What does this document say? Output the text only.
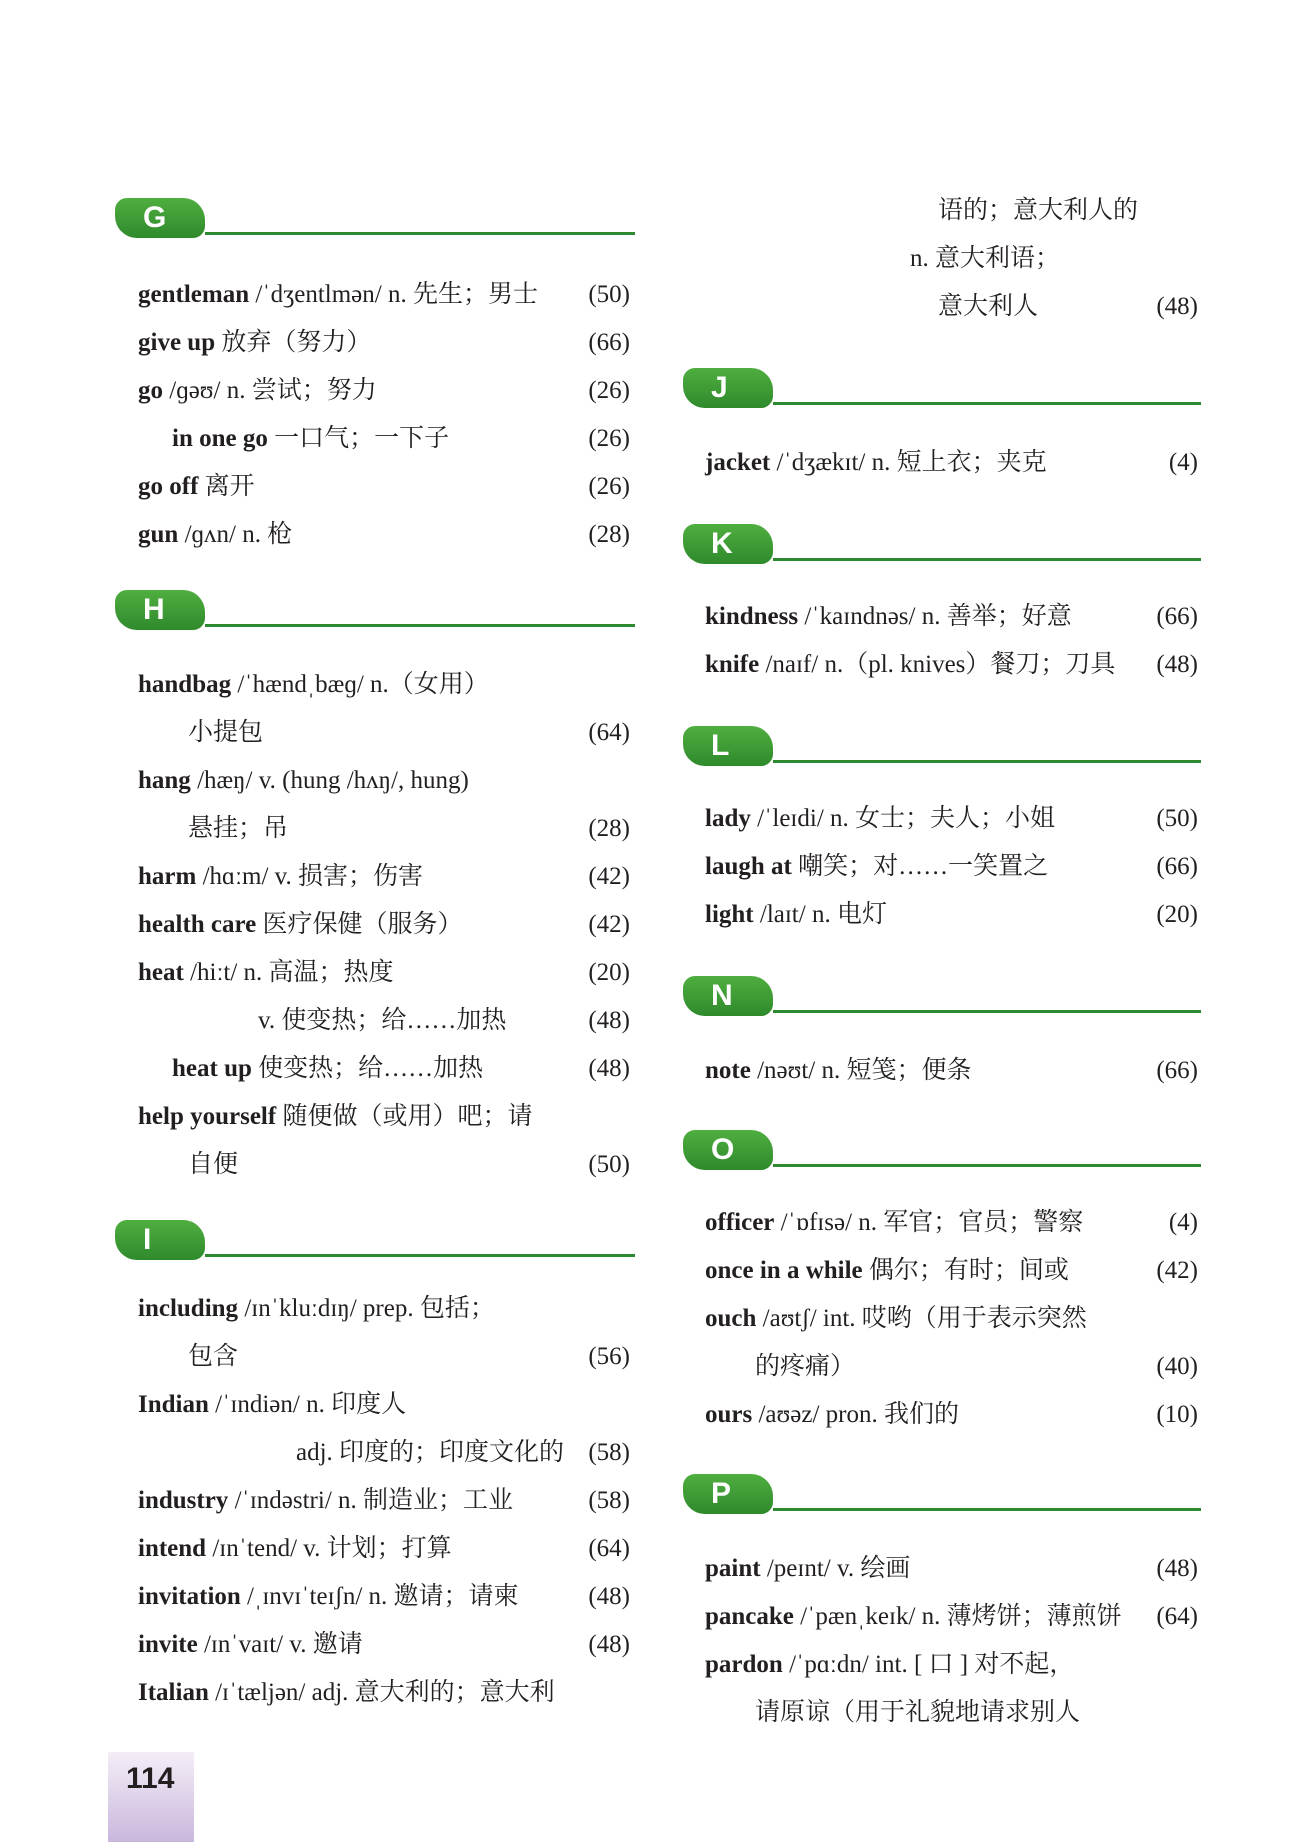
G
gentleman /ˈdʒentlmən/ n. 先生；男士	(50)
give up 放弃（努力）	(66)
go /ɡəʊ/ n. 尝试；努力	(26)
in one go 一口气；一下子	(26)
go off 离开	(26)
gun /ɡʌn/ n. 枪	(28)
H
handbag /ˈhændˌbæɡ/ n.（女用）
小提包	(64)
hang /hæŋ/ v. (hung /hʌŋ/, hung)
悬挂；吊	(28)
harm /hɑːm/ v. 损害；伤害	(42)
health care 医疗保健（服务）	(42)
heat /hiːt/ n. 高温；热度	(20)
v. 使变热；给……加热	(48)
heat up 使变热；给……加热	(48)
help yourself 随便做（或用）吧；请
自便	(50)
I
including /ɪnˈkluːdɪŋ/ prep. 包括；
包含	(56)
Indian /ˈɪndiən/ n. 印度人
adj. 印度的；印度文化的 (58)
industry /ˈɪndəstri/ n. 制造业；工业	(58)
intend /ɪnˈtend/ v. 计划；打算	(64)
invitation /ˌɪnvɪˈteɪʃn/ n. 邀请；请柬	(48)
invite /ɪnˈvaɪt/ v. 邀请	(48)
Italian /ɪˈtæljən/ adj. 意大利的；意大利
语的；意大利人的
n. 意大利语；
意大利人	(48)
J
jacket /ˈdʒækɪt/ n. 短上衣；夹克	(4)
K
kindness /ˈkaɪndnəs/ n. 善举；好意	(66)
knife /naɪf/ n.（pl. knives）餐刀；刀具	(48)
L
lady /ˈleɪdi/ n. 女士；夫人；小姐	(50)
laugh at 嘲笑；对……一笑置之	(66)
light /laɪt/ n. 电灯	(20)
N
note /nəʊt/ n. 短笺；便条	(66)
O
officer /ˈɒfɪsə/ n. 军官；官员；警察	(4)
once in a while 偶尔；有时；间或	(42)
ouch /aʊtʃ/ int. 哎哟（用于表示突然
的疼痛）	(40)
ours /aʊəz/ pron. 我们的	(10)
P
paint /peɪnt/ v. 绘画	(48)
pancake /ˈpænˌkeɪk/ n. 薄烤饼；薄煎饼	(64)
pardon /ˈpɑːdn/ int. [ 口 ] 对不起，
请原谅（用于礼貌地请求别人
114
